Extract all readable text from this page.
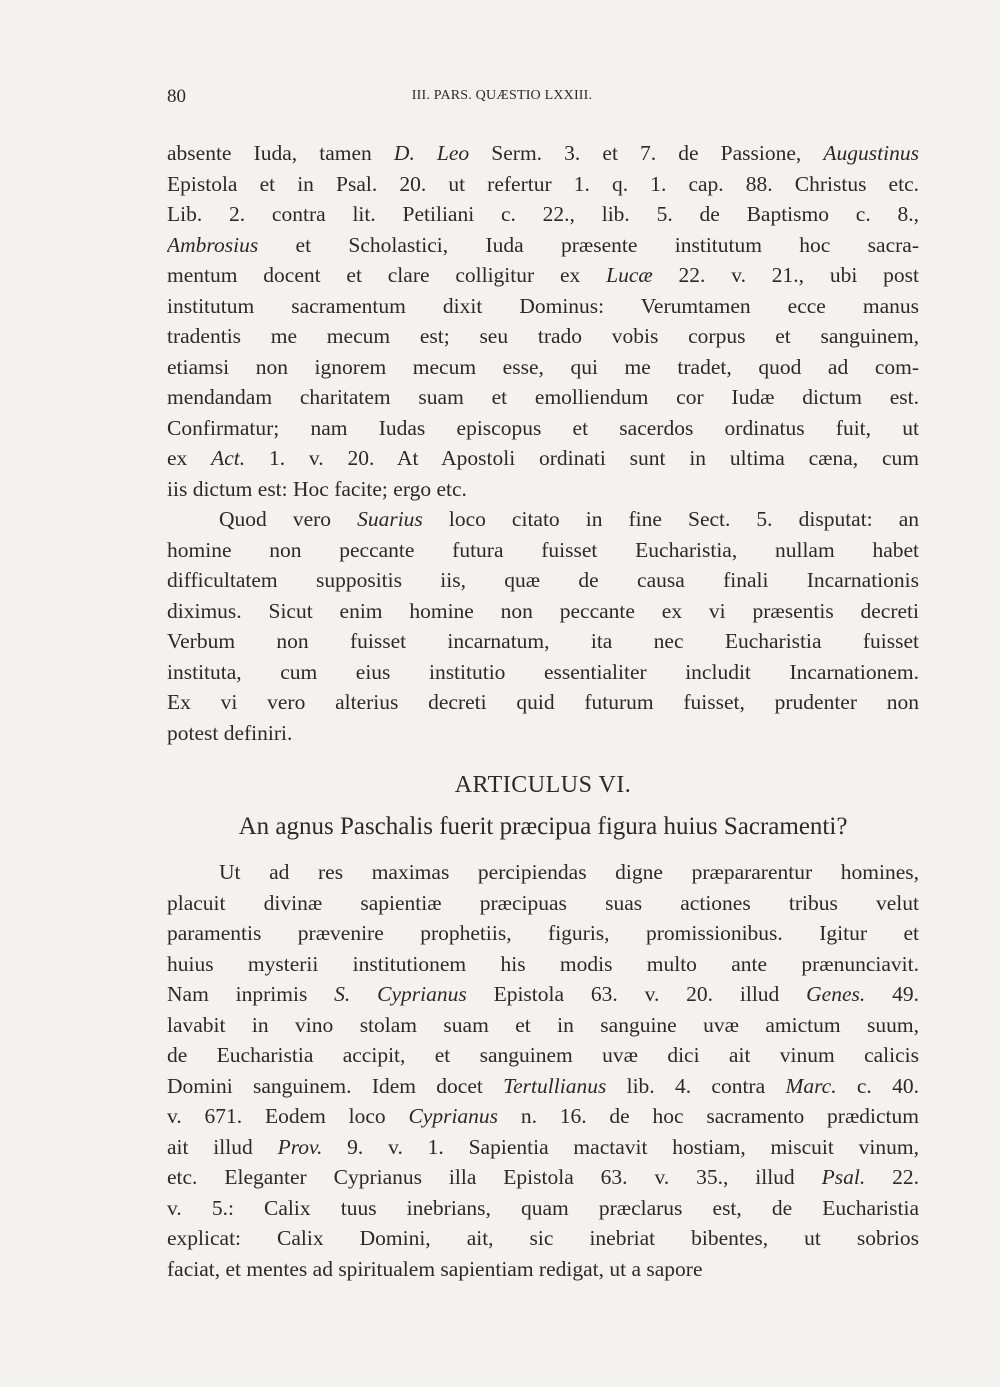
80	III. PARS. QUÆSTIO LXXIII.
absente Iuda, tamen D. Leo Serm. 3. et 7. de Passione, Augustinus
Epistola et in Psal. 20. ut refertur 1. q. 1. cap. 88. Christus etc.
Lib. 2. contra lit. Petiliani c. 22., lib. 5. de Baptismo c. 8.,
Ambrosius et Scholastici, Iuda præsente institutum hoc sacra-
mentum docent et clare colligitur ex Lucæ 22. v. 21., ubi post
institutum sacramentum dixit Dominus: Verumtamen ecce manus
tradentis me mecum est; seu trado vobis corpus et sanguinem,
etiamsi non ignorem mecum esse, qui me tradet, quod ad com-
mendandam charitatem suam et emolliendum cor Iudæ dictum est.
Confirmatur; nam Iudas episcopus et sacerdos ordinatus fuit, ut
ex Act. 1. v. 20. At Apostoli ordinati sunt in ultima cæna, cum
iis dictum est: Hoc facite; ergo etc.
Quod vero Suarius loco citato in fine Sect. 5. disputat: an
homine non peccante futura fuisset Eucharistia, nullam habet
difficultatem suppositis iis, quæ de causa finali Incarnationis
diximus. Sicut enim homine non peccante ex vi præsentis decreti
Verbum non fuisset incarnatum, ita nec Eucharistia fuisset
instituta, cum eius institutio essentialiter includit Incarnationem.
Ex vi vero alterius decreti quid futurum fuisset, prudenter non
potest definiri.
ARTICULUS VI.
An agnus Paschalis fuerit præcipua figura huius Sacramenti?
Ut ad res maximas percipiendas digne præpararentur homines,
placuit divinæ sapientiæ præcipuas suas actiones tribus velut
paramentis prævenire prophetiis, figuris, promissionibus. Igitur et
huius mysterii institutionem his modis multo ante prænunciavit.
Nam inprimis S. Cyprianus Epistola 63. v. 20. illud Genes. 49.
lavabit in vino stolam suam et in sanguine uvæ amictum suum,
de Eucharistia accipit, et sanguinem uvæ dici ait vinum calicis
Domini sanguinem. Idem docet Tertullianus lib. 4. contra Marc. c. 40.
v. 671. Eodem loco Cyprianus n. 16. de hoc sacramento prædictum
ait illud Prov. 9. v. 1. Sapientia mactavit hostiam, miscuit vinum,
etc. Eleganter Cyprianus illa Epistola 63. v. 35., illud Psal. 22.
v. 5.: Calix tuus inebrians, quam præclarus est, de Eucharistia
explicat: Calix Domini, ait, sic inebriat bibentes, ut sobrios
faciat, et mentes ad spiritualem sapientiam redigat, ut a sapore
